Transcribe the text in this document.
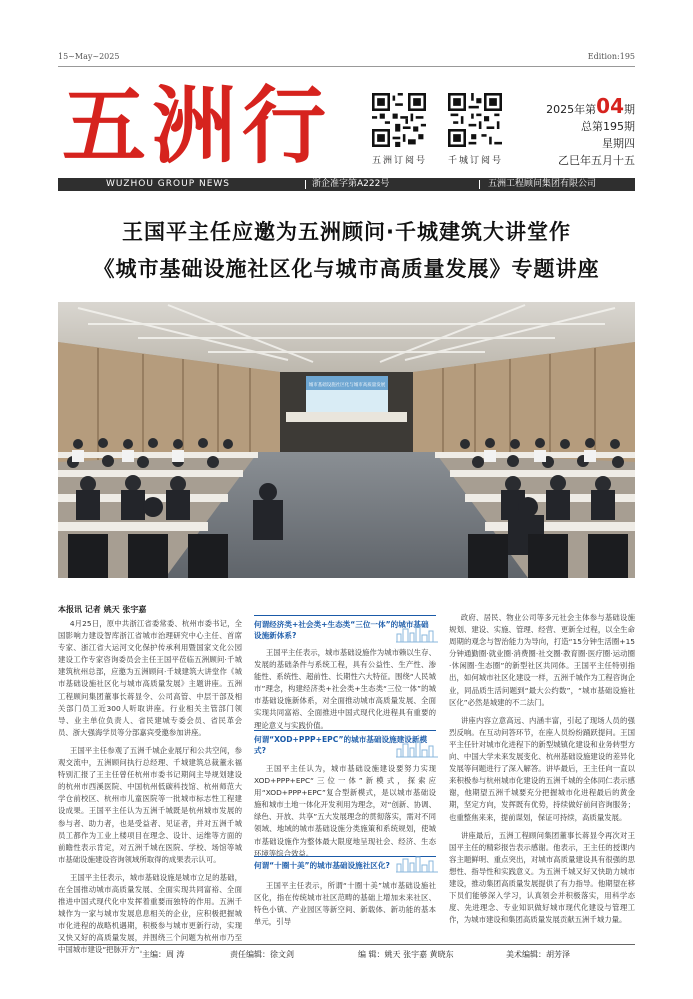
15~May~2025	Edition:195
五 洲 行	五洲订阅号 千城订阅号
2025年第04期
总第195期
星期四
乙巳年五月十五
WUZHOU GROUP NEWS	浙企准字第A222号	五洲工程顾问集团有限公司
王国平主任应邀为五洲顾问·千城建筑大讲堂作
《城市基础设施社区化与城市高质量发展》专题讲座
城市基础设施社区化与城市高质量发展
本报讯 记者 姚天 张宇嘉

4月25日，原中共浙江省委常委、杭州市委书记，全国影响力建设智库浙江省城市治理研究中心主任、首席专家、浙江省大运河文化保护传承利用暨国家文化公园建设工作专家咨询委员会主任王国平莅临五洲顾问·千城建筑杭州总部，应邀为五洲顾问·千城建筑大讲堂作《城市基础设施社区化与城市高质量发展》主题讲座。五洲工程顾问集团董事长蒋显令、公司高管、中层干部及相关部门员工近300人听取讲座。行业相关主管部门领导、业主单位负责人、省民建城专委会员、省民革会员、浙大强海学员等分部嘉宾受邀参加讲座。

王国平主任参观了五洲千城企业展厅和公共空间，参观交流中，五洲顾问执行总经理、千城建筑总裁董永福特别汇报了王主任曾任杭州市委书记期间主导规划建设的杭州市西溪医院、中国杭州低碳科技馆、杭州师范大学仓前校区、杭州市儿童医院等一批城市标志性工程建设成果。王国平主任认为五洲千城既是杭州城市发展的参与者、助力者，也是受益者、见证者，并对五洲千城员工都作为工业上楼项目在理念、设计、运维等方面的前瞻性表示肯定，对五洲千城在医院、学校、场馆等城市基础设施建设咨询领域所取得的成果表示认可。

王国平主任表示，城市基础设施是城市立足的基础，在全国推动城市高质量发展、全面实现共同富裕、全面推进中国式现代化中发挥着重要而独特的作用。五洲千城作为一家与城市发展息息相关的企业，应积极把握城市化进程的战略机遇期，积极参与城市更新行动，实现又快又好的高质量发展，并围绕三个问题为杭州市乃至中国城市建设“把脉开方”。

何谓经济类+社会类+生态类“三位一体”的城市基础设施新体系?

王国平主任表示，城市基础设施作为城市赖以生存、发展的基础条件与系统工程，具有公益性、生产性、渗能性、系统性、超前性、长期性六大特征。围绕“人民城市”理念，构建经济类+社会类+生态类“三位一体”的城市基础设施新体系，对全面推动城市高质量发展、全面实现共同富裕、全面推进中国式现代化进程具有重要的理论意义与实践价值。

何谓“XOD+PPP+EPC”的城市基础设施建设新模式?

王国平主任认为，城市基础设施建设要努力实现XOD+PPP+EPC“三位一体”新模式，探索应用“XOD+PPP+EPC”复合型新模式，是以城市基础设施和城市土地一体化开发利用为理念，对“创新、协调、绿色、开放、共享”五大发展理念的贯彻落实，需对不同领域、地域的城市基础设施分类施策和系统规划，使城市基础设施作为整体最大限度地呈现社会、经济、生态环境等综合效益。

何谓“十圈十美”的城市基础设施社区化?

王国平主任表示，所谓“十圈十美”城市基础设施社区化，指在传统城市社区范畴的基础上增加未来社区、特色小镇、产业园区等新空间、新载体、新功能的基本单元，引导

政府、居民、物业公司等多元社会主体参与基础设施规划、建设、实施、管理、经营、更新全过程，以全生命周期的观念与智治能力为导向，打造“15分钟生活圈+15分钟通勤圈·就业圈·消费圈·社交圈·教育圈·医疗圈·运动圈·休闲圈·生态圈”的新型社区共同体。王国平主任特别指出，如何城市社区化建设一样，五洲千城作为工程咨询企业，同品质生活问题到“最大公约数”，“城市基础设施社区化”必然是城建的不二法门。

讲座内容立意高远、内涵丰富，引起了现场人员的强烈反响。在互动问答环节，在座人员纷纷踊跃提问。王国平主任针对城市化进程下的新型城镇化建设和业务转型方向、中国大学未来发展变化、杭州基础设施建设的差异化发展等问题进行了深入解答。讲毕最后，王主任向一直以来积极参与杭州城市化建设的五洲千城的全体同仁表示感谢，他期望五洲千城要充分把握城市化进程最后的黄金期，坚定方向，发挥既有优势，持续做好前问咨询服务；也重整焦来来，提前谋划，保证可持续，高质量发展。

讲座最后，五洲工程顾问集团董事长蒋显令再次对王国平主任的精彩报告表示感谢。他表示，王主任的授课内容主题鲜明、重点突出，对城市高质量建设具有很强的思想性、指导性和实践意义。为五洲千城又好又快助力城市建设，推动集团高质量发展提供了有力指导。他期望在移下员们能够深入学习，认真领会并积极落实，用科学态度、先进理念、专业知识做好城市现代化建设与管理工作，为城市建设和集团高质量发展贡献五洲千城力量。

主编：周 涛	责任编辑：徐文剑	编 辑：姚天 张宇嘉 黄晓东	美术编辑：胡芳泽
